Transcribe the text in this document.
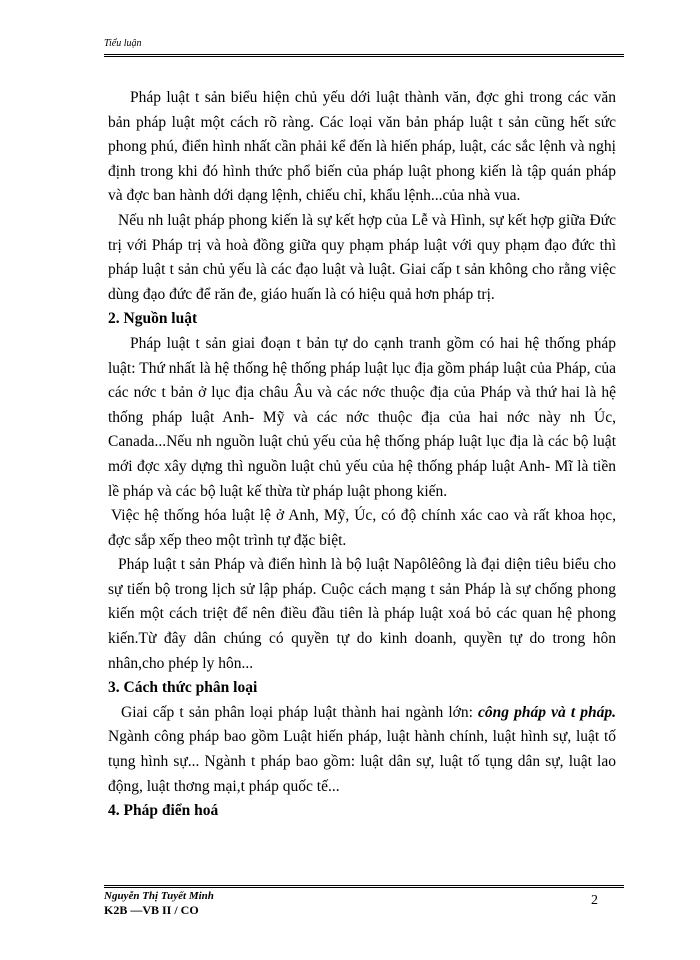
Tiểu luận

Pháp luật t sản biểu hiện chủ yếu dới luật thành văn, đợc ghi trong các văn bản pháp luật một cách rõ ràng. Các loại văn bản pháp luật t sản cũng hết sức phong phú, điển hình nhất cần phải kể đến là hiến pháp, luật, các sắc lệnh và nghị định trong khi đó hình thức phổ biến của pháp luật phong kiến là tập quán pháp và đợc ban hành dới dạng lệnh, chiếu chỉ, khẩu lệnh...của nhà vua.

Nếu nh luật pháp phong kiến là sự kết hợp của Lễ và Hình, sự kết hợp giữa Đức trị với Pháp trị và hoà đồng giữa quy phạm pháp luật với quy phạm đạo đức thì pháp luật t sản chủ yếu là các đạo luật và luật. Giai cấp t sản không cho rằng việc dùng đạo đức để răn đe, giáo huấn là có hiệu quả hơn pháp trị.

2. Nguồn luật

Pháp luật t sản giai đoạn t bản tự do cạnh tranh gồm có hai hệ thống pháp luật: Thứ nhất là hệ thống hệ thống pháp luật lục địa gồm pháp luật của Pháp, của các nớc t bản ở lục địa châu Âu và các nớc thuộc địa của Pháp và thứ hai là hệ thống pháp luật Anh- Mỹ và các nớc thuộc địa của hai nớc này nh Úc, Canada...Nếu nh nguồn luật chủ yếu của hệ thống pháp luật lục địa là các bộ luật mới đợc xây dựng thì nguồn luật chủ yếu của hệ thống pháp luật Anh- Mĩ là tiền lề pháp và các bộ luật kế thừa từ pháp luật phong kiến.

Việc hệ thống hóa luật lệ ở Anh, Mỹ, Úc, có độ chính xác cao và rất khoa học, đợc sắp xếp theo một trình tự đặc biệt.

Pháp luật t sản Pháp và điển hình là bộ luật Napôlêông là đại diện tiêu biểu cho sự tiến bộ trong lịch sử lập pháp. Cuộc cách mạng t sản Pháp là sự chống phong kiến một cách triệt để nên điều đầu tiên là pháp luật xoá bỏ các quan hệ phong kiến.Từ đây dân chúng có quyền tự do kinh doanh, quyền tự do trong hôn nhân,cho phép ly hôn...

3. Cách thức phân loại

Giai cấp t sản phân loại pháp luật thành hai ngành lớn: công pháp và t pháp. Ngành công pháp bao gồm Luật hiến pháp, luật hành chính, luật hình sự, luật tố tụng hình sự... Ngành t pháp bao gồm: luật dân sự, luật tố tụng dân sự, luật lao động, luật thơng mại,t pháp quốc tế...

4. Pháp điển hoá

Nguyễn Thị Tuyết Minh
K2B —VB II / CO
2
